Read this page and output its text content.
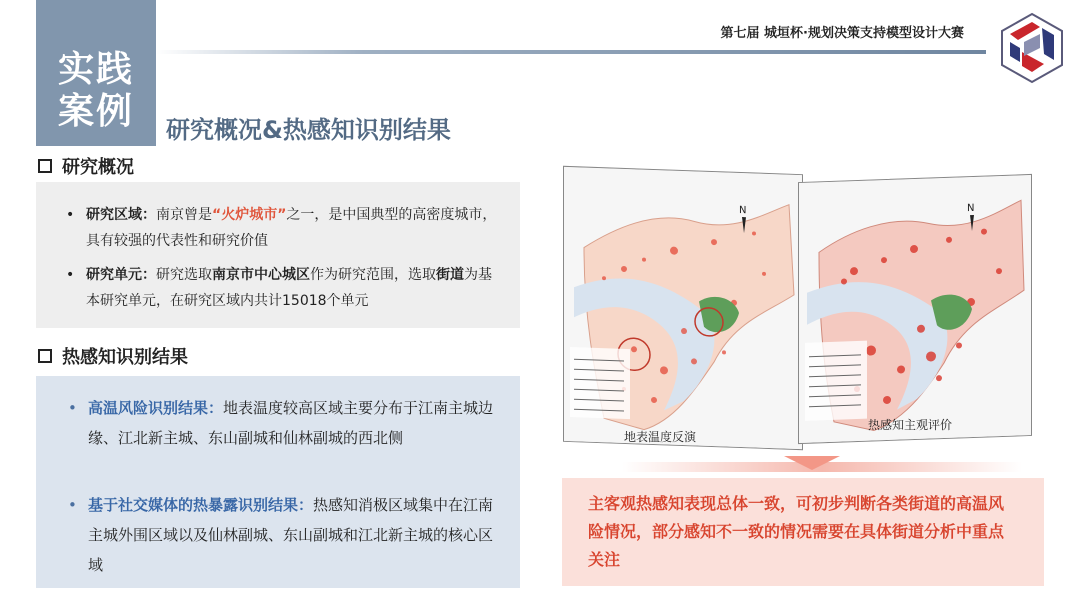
实践
案例
第七届 城垣杯·规划决策支持模型设计大赛
研究概况&热感知识别结果
研究概况
• 研究区域：南京曾是“火炉城市”之一，是中国典型的高密度城市，具有较强的代表性和研究价值
• 研究单元：研究选取南京市中心城区作为研究范围，选取街道为基本研究单元，在研究区域内共计15018个单元
热感知识别结果
• 高温风险识别结果：地表温度较高区域主要分布于江南主城边缘、江北新主城、东山副城和仙林副城的西北侧
• 基于社交媒体的热暴露识别结果：热感知消极区域集中在江南主城外围区域以及仙林副城、东山副城和江北新主城的核心区域
N	N
地表温度反演
热感知主观评价
主客观热感知表现总体一致，可初步判断各类街道的高温风险情况，部分感知不一致的情况需要在具体街道分析中重点关注
